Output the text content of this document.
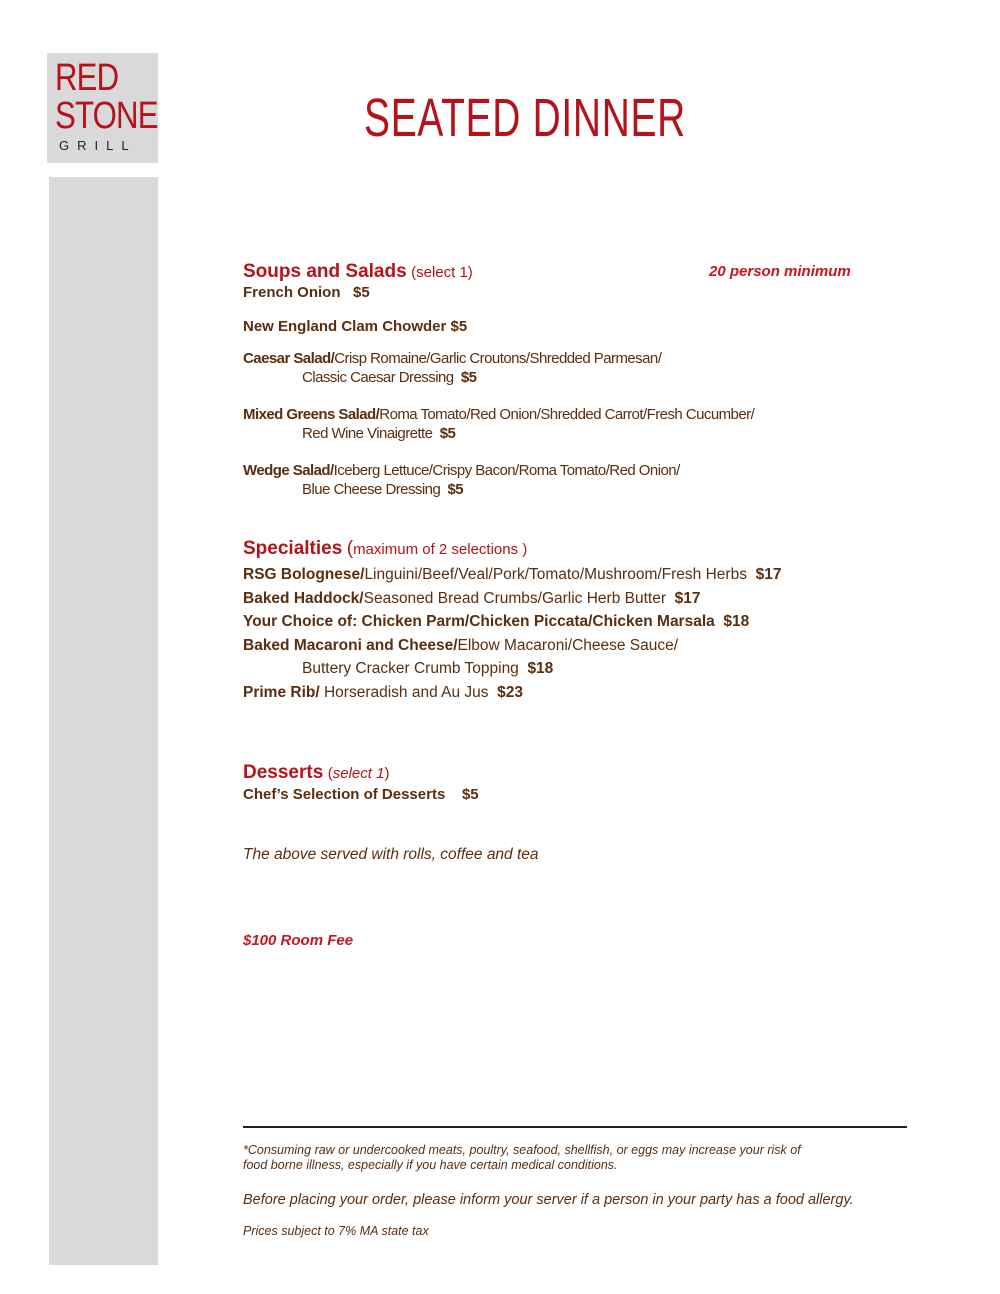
RED
STONE
GRILL	SEATED DINNER
Soups and Salads (select 1)	20 person minimum
French Onion   $5
New England Clam Chowder $5
Caesar Salad/Crisp Romaine/Garlic Croutons/Shredded Parmesan/
Classic Caesar Dressing $5
Mixed Greens Salad/Roma Tomato/Red Onion/Shredded Carrot/Fresh Cucumber/
Red Wine Vinaigrette $5
Wedge Salad/Iceberg Lettuce/Crispy Bacon/Roma Tomato/Red Onion/
Blue Cheese Dressing $5
Specialties (maximum of 2 selections )
RSG Bolognese/Linguini/Beef/Veal/Pork/Tomato/Mushroom/Fresh Herbs $17
Baked Haddock/Seasoned Bread Crumbs/Garlic Herb Butter $17
Your Choice of: Chicken Parm/Chicken Piccata/Chicken Marsala $18
Baked Macaroni and Cheese/Elbow Macaroni/Cheese Sauce/
Buttery Cracker Crumb Topping $18
Prime Rib/ Horseradish and Au Jus $23
Desserts (select 1)
Chef’s Selection of Desserts    $5
The above served with rolls, coffee and tea
$100 Room Fee
*Consuming raw or undercooked meats, poultry, seafood, shellfish, or eggs may increase your risk of
food borne illness, especially if you have certain medical conditions.
Before placing your order, please inform your server if a person in your party has a food allergy.
Prices subject to 7% MA state tax
